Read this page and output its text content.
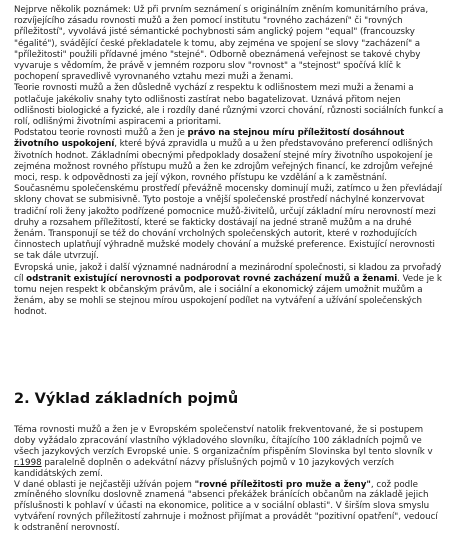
Nejprve několik poznámek: Už při prvním seznámení s originálním zněním komunitárního práva, rozvíjejícího zásadu rovnosti mužů a žen pomocí institutu "rovného zacházení" či "rovných příležitostí", vyvolává jisté sémantické pochybnosti sám anglický pojem "equal" (francouzsky "égalité"), svádějící české překladatele k tomu, aby zejména ve spojení se slovy "zacházení" a "příležitosti" použili přídavné jméno "stejné". Odborně obeznámená veřejnost se takové chyby vyvaruje s vědomím, že právě v jemném rozporu slov "rovnost" a "stejnost" spočívá klíč k pochopení spravedlivě vyrovnaného vztahu mezi muži a ženami.

Teorie rovnosti mužů a žen důsledně vychází z respektu k odlišnostem mezi muži a ženami a potlačuje jakékoliv snahy tyto odlišnosti zastírat nebo bagatelizovat. Uznává přitom nejen odlišnosti biologické a fyzické, ale i rozdíly dané různými vzorci chování, různosti sociálních funkcí a rolí, odlišnými životními aspiracemi a prioritami.

Podstatou teorie rovnosti mužů a žen je právo na stejnou míru příležitostí dosáhnout životního uspokojení, které bývá zpravidla u mužů a u žen představováno preferencí odlišných životních hodnot. Základními obecnými předpoklady dosažení stejné míry životního uspokojení je zejména možnost rovného přístupu mužů a žen ke zdrojům veřejných financí, ke zdrojům veřejné moci, resp. k odpovědnosti za její výkon, rovného přístupu ke vzdělání a k zaměstnání.

Současnému společenskému prostředí převážně mocensky dominují muži, zatímco u žen převládají sklony chovat se submisivně. Tyto postoje a vnější společenské prostředí náchylné konzervovat tradiční roli ženy jakožto podřízené pomocnice mužů-živitelů, určují základní míru nerovností mezi druhy a rozsahem příležitostí, které se fakticky dostávají na jedné straně mužům a na druhé ženám. Transponují se též do chování vrcholných společenských autorit, které v rozhodujících činnostech uplatňují výhradně mužské modely chování a mužské preference. Existující nerovnosti se tak dále utvrzují.

Evropská unie, jakož i další významné nadnárodní a mezinárodní společnosti, si kladou za prvořadý cíl odstranit existující nerovnosti a podporovat rovné zacházení mužů a ženami. Vede je k tomu nejen respekt k občanským právům, ale i sociální a ekonomický zájem umožnit mužům a ženám, aby se mohli se stejnou mírou uspokojení podílet na vytváření a užívání společenských hodnot.

2. Výklad základních pojmů

Téma rovnosti mužů a žen je v Evropském společenství natolik frekventované, že si postupem doby vyžádalo zpracování vlastního výkladového slovníku, čítajícího 100 základních pojmů ve všech jazykových verzích Evropské unie. S organizačním přispěním Slovinska byl tento slovník v r.1998 paralelně doplněn o adekvátní názvy příslušných pojmů v 10 jazykových verzích kandidátských zemí.

V dané oblasti je nejčastěji užíván pojem "rovné příležitosti pro muže a ženy", což podle zmíněného slovníku doslovně znamená "absenci překážek bránících občanům na základě jejich příslušnosti k pohlaví v účasti na ekonomice, politice a v sociální oblasti". V širším slova smyslu vytváření rovných příležitostí zahrnuje i možnost přijímat a provádět "pozitivní opatření", vedoucí k odstranění nerovností.
